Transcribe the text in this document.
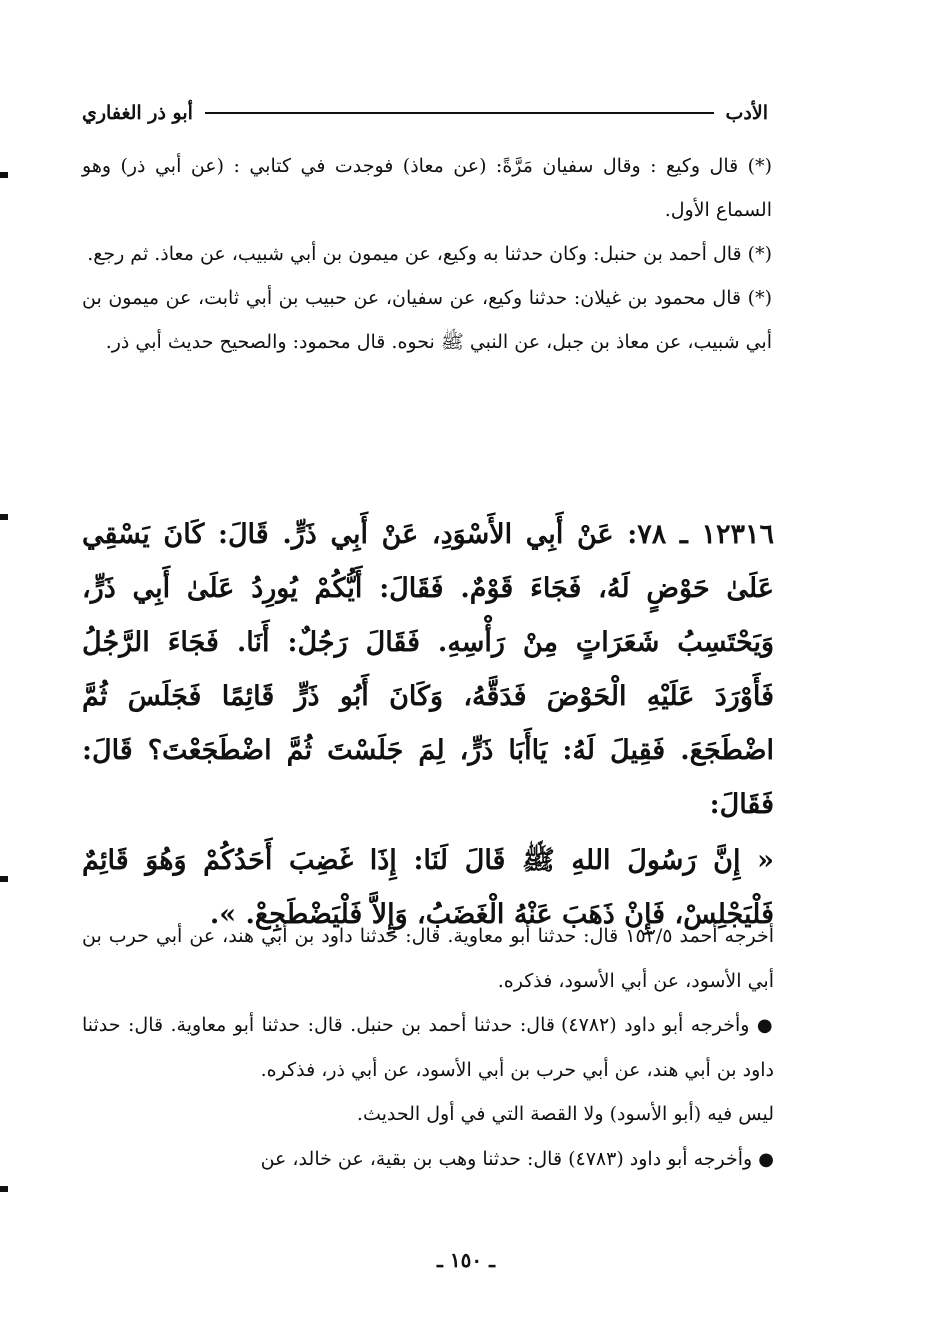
الأدب
أبو ذر الغفاري

(*) قال وكيع : وقال سفيان مَرَّةً: (عن معاذ) فوجدت في كتابي : (عن أبي ذر) وهو السماع الأول.

(*) قال أحمد بن حنبل: وكان حدثنا به وكيع، عن ميمون بن أبي شبيب، عن معاذ. ثم رجع.

(*) قال محمود بن غيلان: حدثنا وكيع، عن سفيان، عن حبيب بن أبي ثابت، عن ميمون بن أبي شبيب، عن معاذ بن جبل، عن النبي ﷺ نحوه. قال محمود: والصحيح حديث أبي ذر.

١٢٣١٦ ـ ٧٨: عَنْ أَبِي الأَسْوَدِ، عَنْ أَبِي ذَرٍّ. قَالَ: كَانَ يَسْقِي عَلَىٰ حَوْضٍ لَهُ، فَجَاءَ قَوْمٌ. فَقَالَ: أَيُّكُمْ يُورِدُ عَلَىٰ أَبِي ذَرٍّ، وَيَحْتَسِبُ شَعَرَاتٍ مِنْ رَأْسِهِ. فَقَالَ رَجُلٌ: أَنَا. فَجَاءَ الرَّجُلُ فَأَوْرَدَ عَلَيْهِ الْحَوْضَ فَدَقَّهُ، وَكَانَ أَبُو ذَرٍّ قَائِمًا فَجَلَسَ ثُمَّ اضْطَجَعَ. فَقِيلَ لَهُ: يَاأَبَا ذَرٍّ، لِمَ جَلَسْتَ ثُمَّ اضْطَجَعْتَ؟ قَالَ: فَقَالَ:

« إِنَّ رَسُولَ اللهِ ﷺ قَالَ لَنَا: إِذَا غَضِبَ أَحَدُكُمْ وَهُوَ قَائِمٌ فَلْيَجْلِسْ، فَإِنْ ذَهَبَ عَنْهُ الْغَضَبُ، وَإِلاَّ فَلْيَضْطَجِعْ. ».

أخرجه أحمد ١٥٢/٥ قال: حدثنا أبو معاوية. قال: حدثنا داود بن أبي هند، عن أبي حرب بن أبي الأسود، عن أبي الأسود، فذكره.

● وأخرجه أبو داود (٤٧٨٢) قال: حدثنا أحمد بن حنبل. قال: حدثنا أبو معاوية. قال: حدثنا داود بن أبي هند، عن أبي حرب بن أبي الأسود، عن أبي ذر، فذكره.

ليس فيه (أبو الأسود) ولا القصة التي في أول الحديث.

● وأخرجه أبو داود (٤٧٨٣) قال: حدثنا وهب بن بقية، عن خالد، عن

ـ ١٥٠ ـ
